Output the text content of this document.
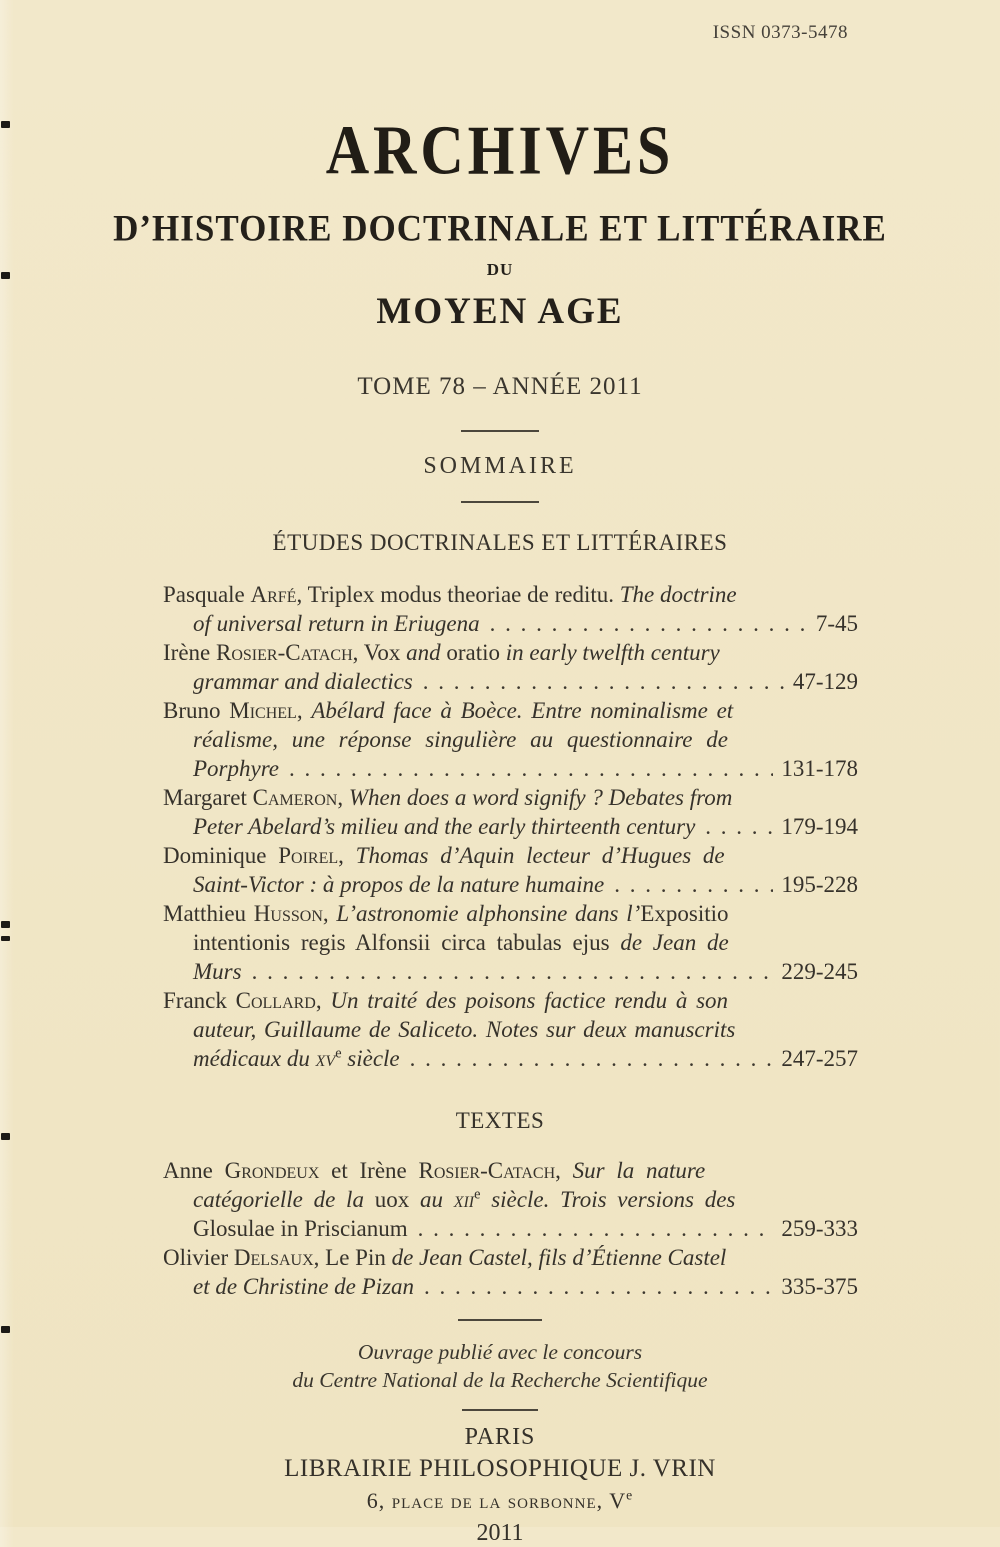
ISSN 0373-5478
ARCHIVES
D’HISTOIRE DOCTRINALE ET LITTÉRAIRE
DU
MOYEN AGE
TOME 78 – ANNÉE 2011
SOMMAIRE
ÉTUDES DOCTRINALES ET LITTÉRAIRES
Pasquale Arfé, Triplex modus theoriae de reditu. The doctrine
of universal return in Eriugena . . .	7-45
Irène Rosier-Catach, Vox and oratio in early twelfth century
grammar and dialectics . . .	47-129
Bruno Michel, Abélard face à Boèce. Entre nominalisme et
réalisme, une réponse singulière au questionnaire de
Porphyre . . .	131-178
Margaret Cameron, When does a word signify ? Debates from
Peter Abelard’s milieu and the early thirteenth century . . .	179-194
Dominique Poirel, Thomas d’Aquin lecteur d’Hugues de
Saint-Victor : à propos de la nature humaine . . .	195-228
Matthieu Husson, L’astronomie alphonsine dans l’Expositio
intentionis regis Alfonsii circa tabulas ejus de Jean de
Murs . . .	229-245
Franck Collard, Un traité des poisons factice rendu à son
auteur, Guillaume de Saliceto. Notes sur deux manuscrits
médicaux du $xv^e$ siècle . . .	247-257
TEXTES
Anne Grondeux et Irène Rosier-Catach, Sur la nature
catégorielle de la uox au xii$^e$ siècle. Trois versions des
Glosulae in Priscianum . . .	259-333
Olivier Delsaux, Le Pin de Jean Castel, fils d’Étienne Castel
et de Christine de Pizan . . .	335-375
Ouvrage publié avec le concours
du Centre National de la Recherche Scientifique
PARIS
LIBRAIRIE PHILOSOPHIQUE J. VRIN
6, place de la sorbonne, Ve
2011
